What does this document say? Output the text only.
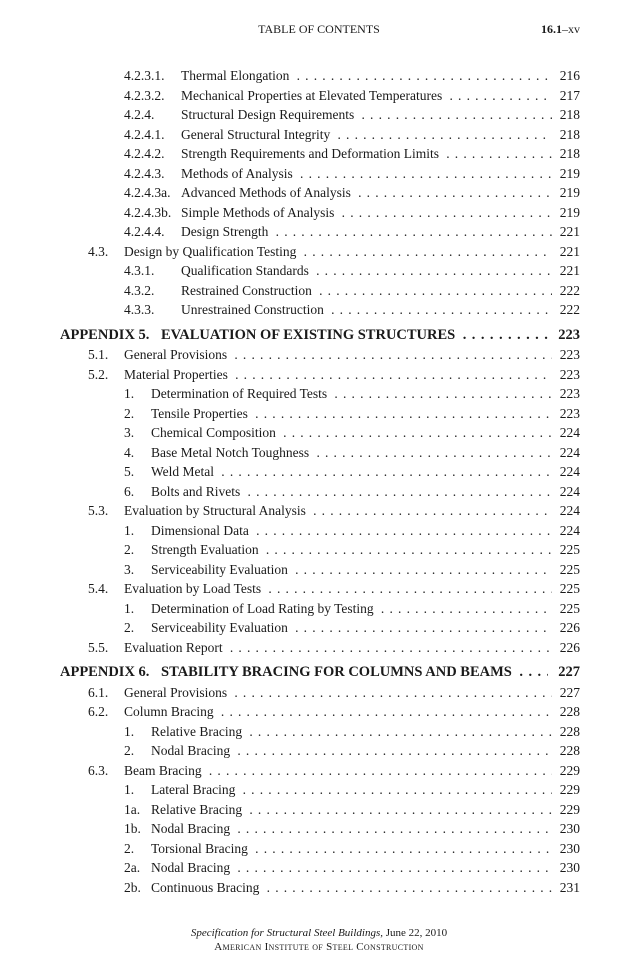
TABLE OF CONTENTS	16.1–xv
4.2.3.1. Thermal Elongation . . .	216
4.2.3.2. Mechanical Properties at Elevated Temperatures . . .	217
4.2.4. Structural Design Requirements . . .	218
4.2.4.1. General Structural Integrity . . .	218
4.2.4.2. Strength Requirements and Deformation Limits . . .	218
4.2.4.3. Methods of Analysis . . .	219
4.2.4.3a. Advanced Methods of Analysis . . .	219
4.2.4.3b. Simple Methods of Analysis . . .	219
4.2.4.4. Design Strength . . .	221
4.3. Design by Qualification Testing . . .	221
4.3.1. Qualification Standards . . .	221
4.3.2. Restrained Construction . . .	222
4.3.3. Unrestrained Construction . . .	222
APPENDIX 5. EVALUATION OF EXISTING STRUCTURES . . .	223
5.1. General Provisions . . .	223
5.2. Material Properties . . .	223
1. Determination of Required Tests . . .	223
2. Tensile Properties . . .	223
3. Chemical Composition . . .	224
4. Base Metal Notch Toughness . . .	224
5. Weld Metal . . .	224
6. Bolts and Rivets . . .	224
5.3. Evaluation by Structural Analysis . . .	224
1. Dimensional Data . . .	224
2. Strength Evaluation . . .	225
3. Serviceability Evaluation . . .	225
5.4. Evaluation by Load Tests . . .	225
1. Determination of Load Rating by Testing . . .	225
2. Serviceability Evaluation . . .	226
5.5. Evaluation Report . . .	226
APPENDIX 6. STABILITY BRACING FOR COLUMNS AND BEAMS . . .	227
6.1. General Provisions . . .	227
6.2. Column Bracing . . .	228
1. Relative Bracing . . .	228
2. Nodal Bracing . . .	228
6.3. Beam Bracing . . .	229
1. Lateral Bracing . . .	229
1a. Relative Bracing . . .	229
1b. Nodal Bracing . . .	230
2. Torsional Bracing . . .	230
2a. Nodal Bracing . . .	230
2b. Continuous Bracing . . .	231
Specification for Structural Steel Buildings, June 22, 2010
American Institute of Steel Construction
